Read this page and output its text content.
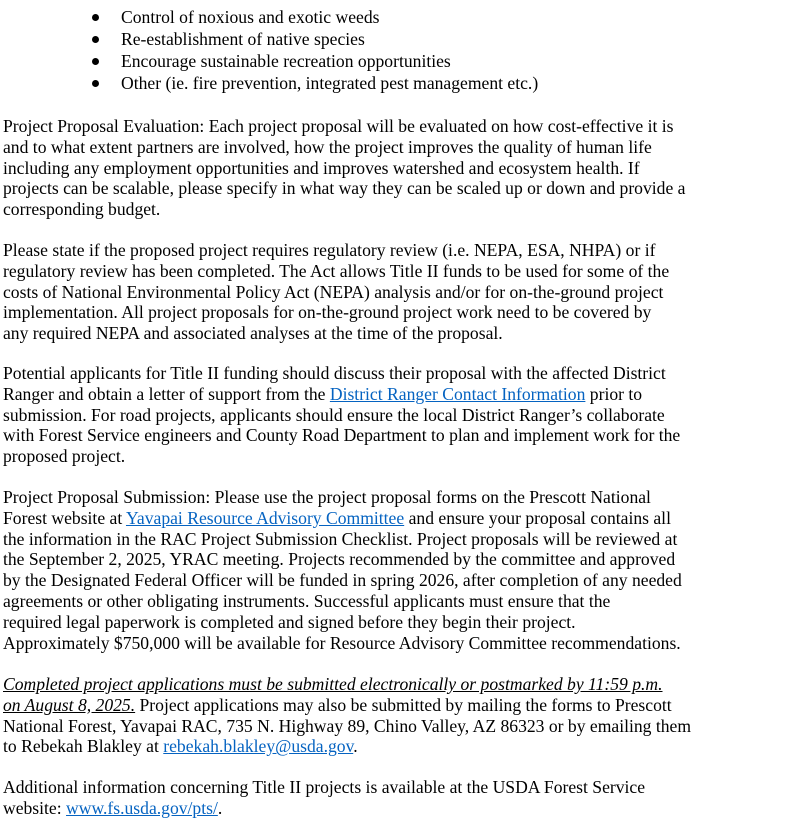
Control of noxious and exotic weeds
Re-establishment of native species
Encourage sustainable recreation opportunities
Other (ie. fire prevention, integrated pest management etc.)

Project Proposal Evaluation: Each project proposal will be evaluated on how cost-effective it is
and to what extent partners are involved, how the project improves the quality of human life
including any employment opportunities and improves watershed and ecosystem health. If
projects can be scalable, please specify in what way they can be scaled up or down and provide a
corresponding budget.

Please state if the proposed project requires regulatory review (i.e. NEPA, ESA, NHPA) or if
regulatory review has been completed. The Act allows Title II funds to be used for some of the
costs of National Environmental Policy Act (NEPA) analysis and/or for on-the-ground project
implementation. All project proposals for on-the-ground project work need to be covered by
any required NEPA and associated analyses at the time of the proposal.

Potential applicants for Title II funding should discuss their proposal with the affected District
Ranger and obtain a letter of support from the District Ranger Contact Information prior to
submission. For road projects, applicants should ensure the local District Ranger’s collaborate
with Forest Service engineers and County Road Department to plan and implement work for the
proposed project.

Project Proposal Submission: Please use the project proposal forms on the Prescott National
Forest website at Yavapai Resource Advisory Committee and ensure your proposal contains all
the information in the RAC Project Submission Checklist. Project proposals will be reviewed at
the September 2, 2025, YRAC meeting. Projects recommended by the committee and approved
by the Designated Federal Officer will be funded in spring 2026, after completion of any needed
agreements or other obligating instruments. Successful applicants must ensure that the
required legal paperwork is completed and signed before they begin their project.
Approximately $750,000 will be available for Resource Advisory Committee recommendations.

Completed project applications must be submitted electronically or postmarked by 11:59 p.m.
on August 8, 2025. Project applications may also be submitted by mailing the forms to Prescott
National Forest, Yavapai RAC, 735 N. Highway 89, Chino Valley, AZ 86323 or by emailing them
to Rebekah Blakley at rebekah.blakley@usda.gov.

Additional information concerning Title II projects is available at the USDA Forest Service
website: www.fs.usda.gov/pts/.
